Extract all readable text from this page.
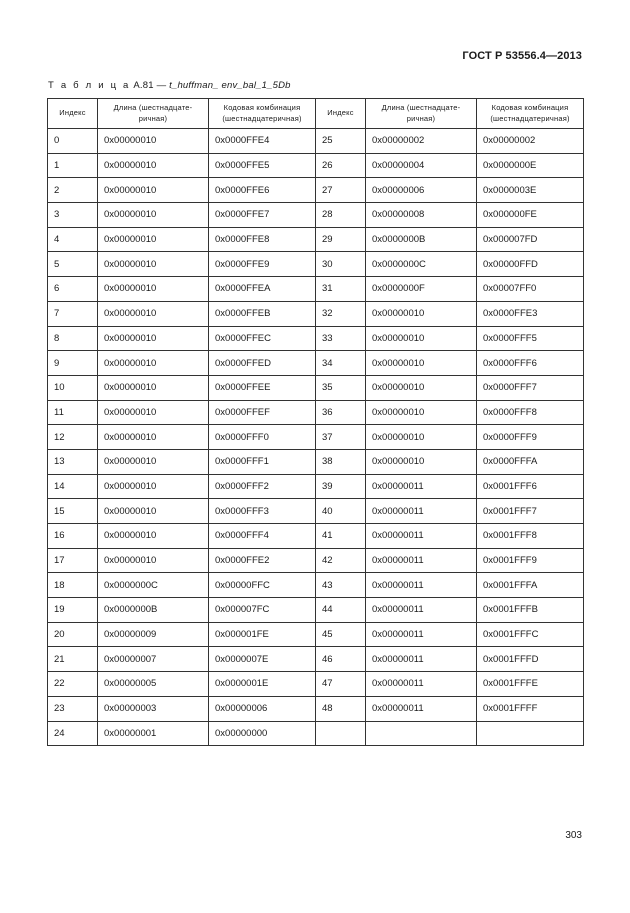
ГОСТ Р 53556.4—2013
Т а б л и ц а A.81 — t_huffman_ env_bal_1_5Db
Индекс	Длина (шестнадцате-ричная)	Кодовая комбинация (шестнадцатеричная)	Индекс	Длина (шестнадцате-ричная)	Кодовая комбинация (шестнадцатеричная)
0	0x00000010	0x0000FFE4	25	0x00000002	0x00000002
1	0x00000010	0x0000FFE5	26	0x00000004	0x0000000E
2	0x00000010	0x0000FFE6	27	0x00000006	0x0000003E
3	0x00000010	0x0000FFE7	28	0x00000008	0x000000FE
4	0x00000010	0x0000FFE8	29	0x0000000B	0x000007FD
5	0x00000010	0x0000FFE9	30	0x0000000C	0x00000FFD
6	0x00000010	0x0000FFEA	31	0x0000000F	0x00007FF0
7	0x00000010	0x0000FFEB	32	0x00000010	0x0000FFE3
8	0x00000010	0x0000FFEC	33	0x00000010	0x0000FFF5
9	0x00000010	0x0000FFED	34	0x00000010	0x0000FFF6
10	0x00000010	0x0000FFEE	35	0x00000010	0x0000FFF7
11	0x00000010	0x0000FFEF	36	0x00000010	0x0000FFF8
12	0x00000010	0x0000FFF0	37	0x00000010	0x0000FFF9
13	0x00000010	0x0000FFF1	38	0x00000010	0x0000FFFA
14	0x00000010	0x0000FFF2	39	0x00000011	0x0001FFF6
15	0x00000010	0x0000FFF3	40	0x00000011	0x0001FFF7
16	0x00000010	0x0000FFF4	41	0x00000011	0x0001FFF8
17	0x00000010	0x0000FFE2	42	0x00000011	0x0001FFF9
18	0x0000000C	0x00000FFC	43	0x00000011	0x0001FFFA
19	0x0000000B	0x000007FC	44	0x00000011	0x0001FFFB
20	0x00000009	0x000001FE	45	0x00000011	0x0001FFFC
21	0x00000007	0x0000007E	46	0x00000011	0x0001FFFD
22	0x00000005	0x0000001E	47	0x00000011	0x0001FFFE
23	0x00000003	0x00000006	48	0x00000011	0x0001FFFF
24	0x00000001	0x00000000			
303
